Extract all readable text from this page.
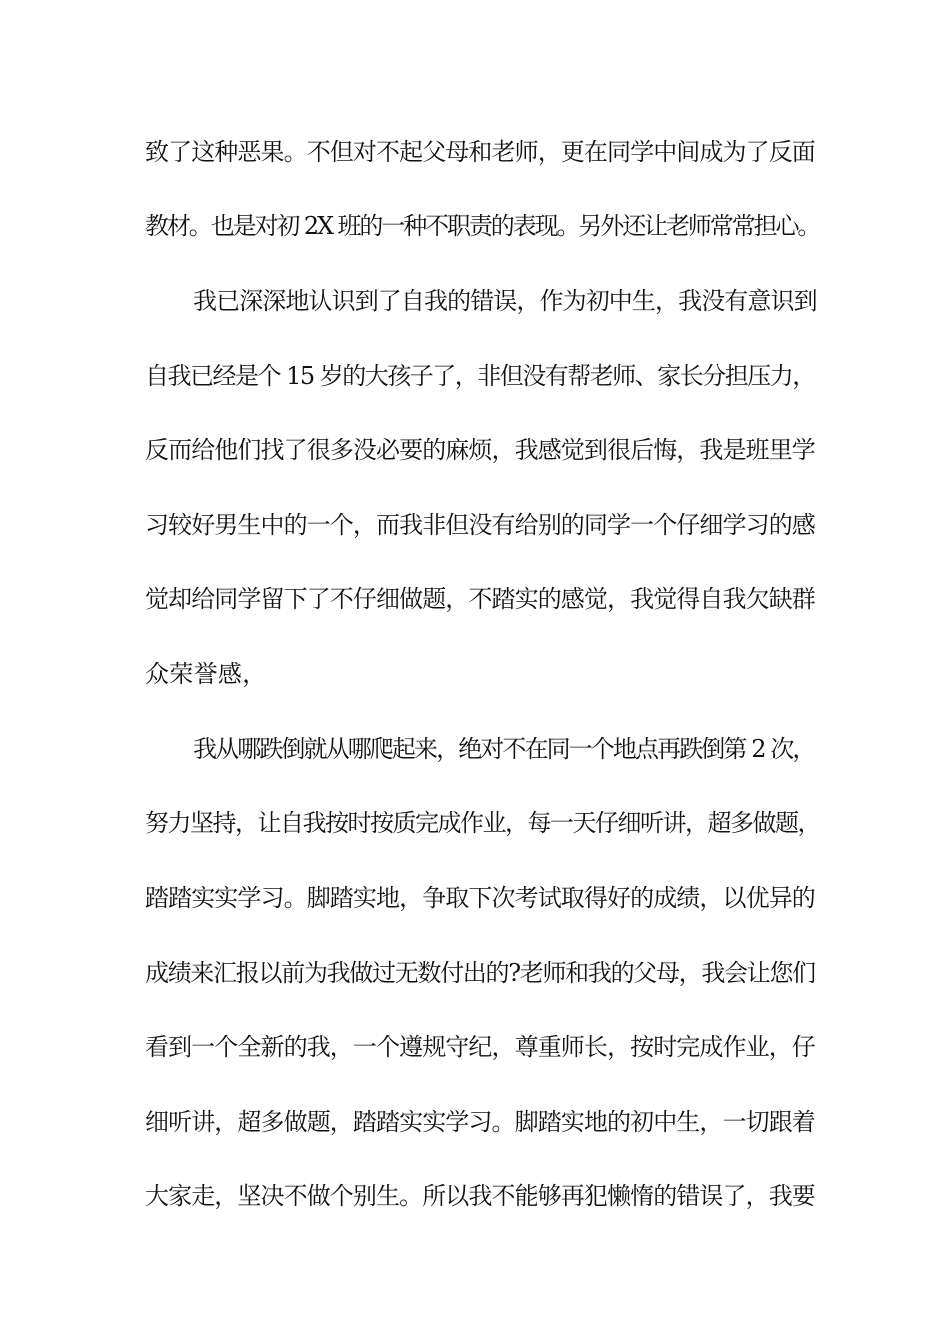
致了这种恶果。不但对不起父母和老师，更在同学中间成为了反面

教材。也是对初 2X 班的一种不职责的表现。另外还让老师常常担心。

我已深深地认识到了自我的错误，作为初中生，我没有意识到

自我已经是个 15 岁的大孩子了，非但没有帮老师、家长分担压力，

反而给他们找了很多没必要的麻烦，我感觉到很后悔，我是班里学

习较好男生中的一个，而我非但没有给别的同学一个仔细学习的感

觉却给同学留下了不仔细做题，不踏实的感觉，我觉得自我欠缺群

众荣誉感，

我从哪跌倒就从哪爬起来，绝对不在同一个地点再跌倒第 2 次，

努力坚持，让自我按时按质完成作业，每一天仔细听讲，超多做题，

踏踏实实学习。脚踏实地，争取下次考试取得好的成绩，以优异的

成绩来汇报以前为我做过无数付出的?老师和我的父母，我会让您们

看到一个全新的我，一个遵规守纪，尊重师长，按时完成作业，仔

细听讲，超多做题，踏踏实实学习。脚踏实地的初中生，一切跟着

大家走，坚决不做个别生。所以我不能够再犯懒惰的错误了，我要
